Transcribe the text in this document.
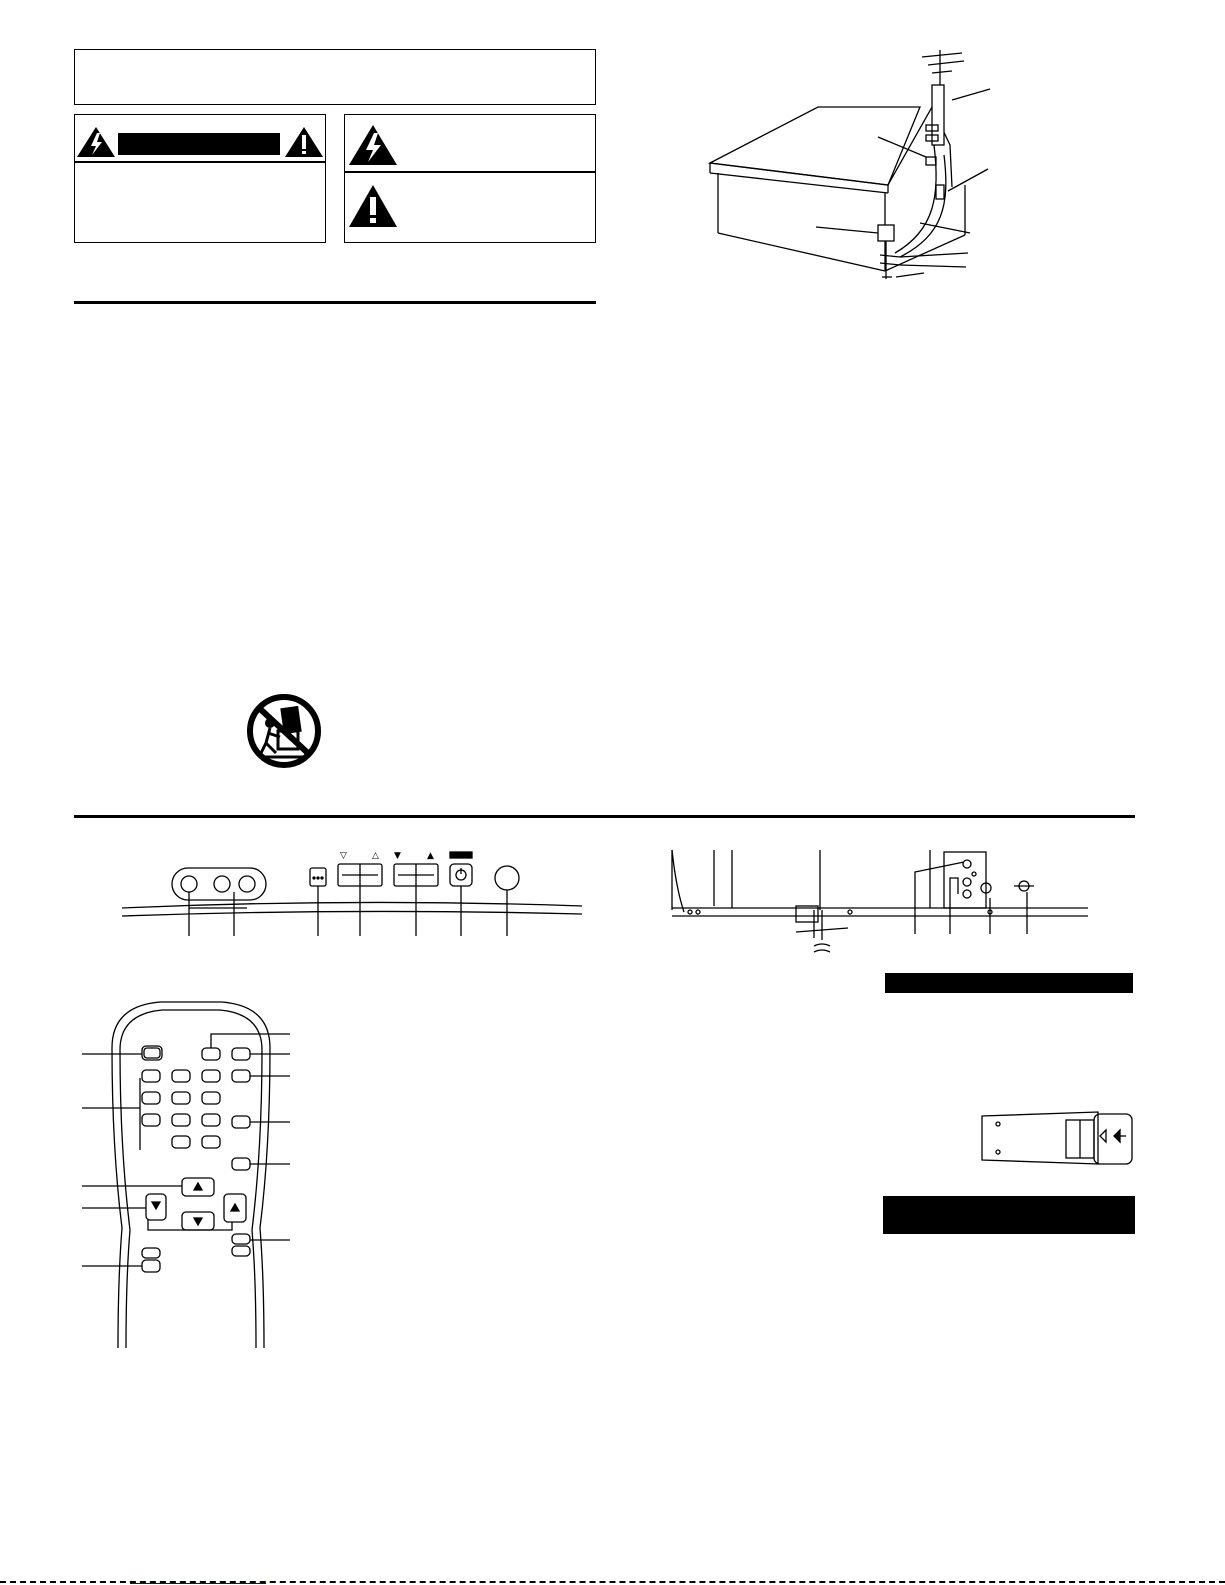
▽	△ ▼	▲
